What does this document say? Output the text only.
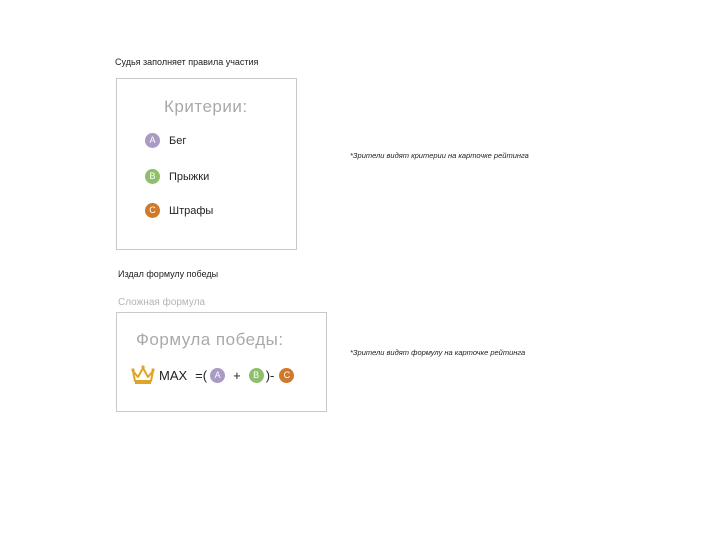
Судья заполняет правила участия
Критерии:
A	Бег
B	Прыжки
C	Штрафы
*Зрители видят критерии на карточке рейтинга
Издал формулу победы
Сложная формула
Формула победы:
MAX =( A +	B )-	C
*Зрители видят формулу на карточке рейтинга
